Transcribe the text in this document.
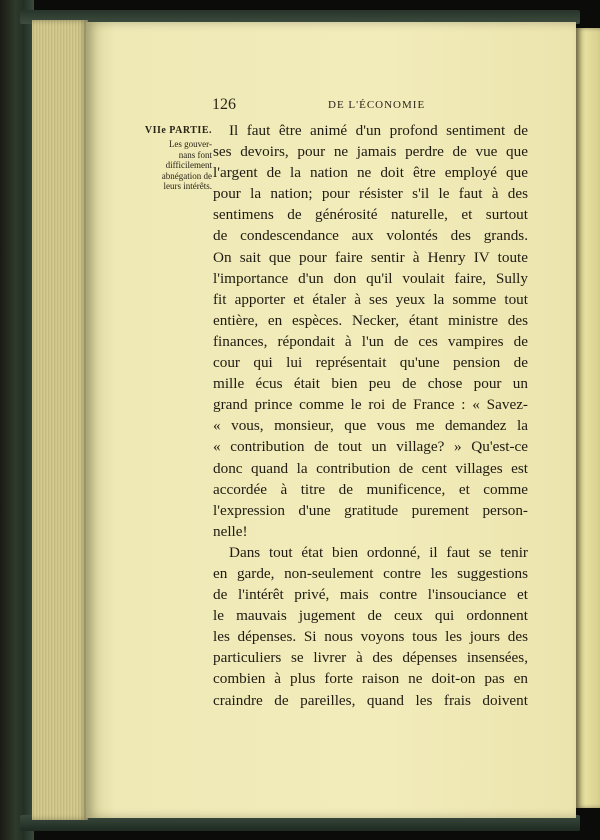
126	DE L'ÉCONOMIE
VIIe PARTIE.
Les gouver-
nans font
difficilement
abnégation de
leurs intérêts.
Il faut être animé d'un profond sentiment de
ses devoirs, pour ne jamais perdre de vue que
l'argent de la nation ne doit être employé que
pour la nation; pour résister s'il le faut à des
sentimens de générosité naturelle, et surtout
de condescendance aux volontés des grands.
On sait que pour faire sentir à Henry IV toute
l'importance d'un don qu'il voulait faire, Sully
fit apporter et étaler à ses yeux la somme tout
entière, en espèces. Necker, étant ministre des
finances, répondait à l'un de ces vampires de
cour qui lui représentait qu'une pension de
mille écus était bien peu de chose pour un
grand prince comme le roi de France : « Savez-
« vous, monsieur, que vous me demandez la
« contribution de tout un village? » Qu'est-ce
donc quand la contribution de cent villages est
accordée à titre de munificence, et comme
l'expression d'une gratitude purement person-
nelle!
Dans tout état bien ordonné, il faut se tenir
en garde, non-seulement contre les suggestions
de l'intérêt privé, mais contre l'insouciance et
le mauvais jugement de ceux qui ordonnent
les dépenses. Si nous voyons tous les jours des
particuliers se livrer à des dépenses insensées,
combien à plus forte raison ne doit-on pas en
craindre de pareilles, quand les frais doivent
